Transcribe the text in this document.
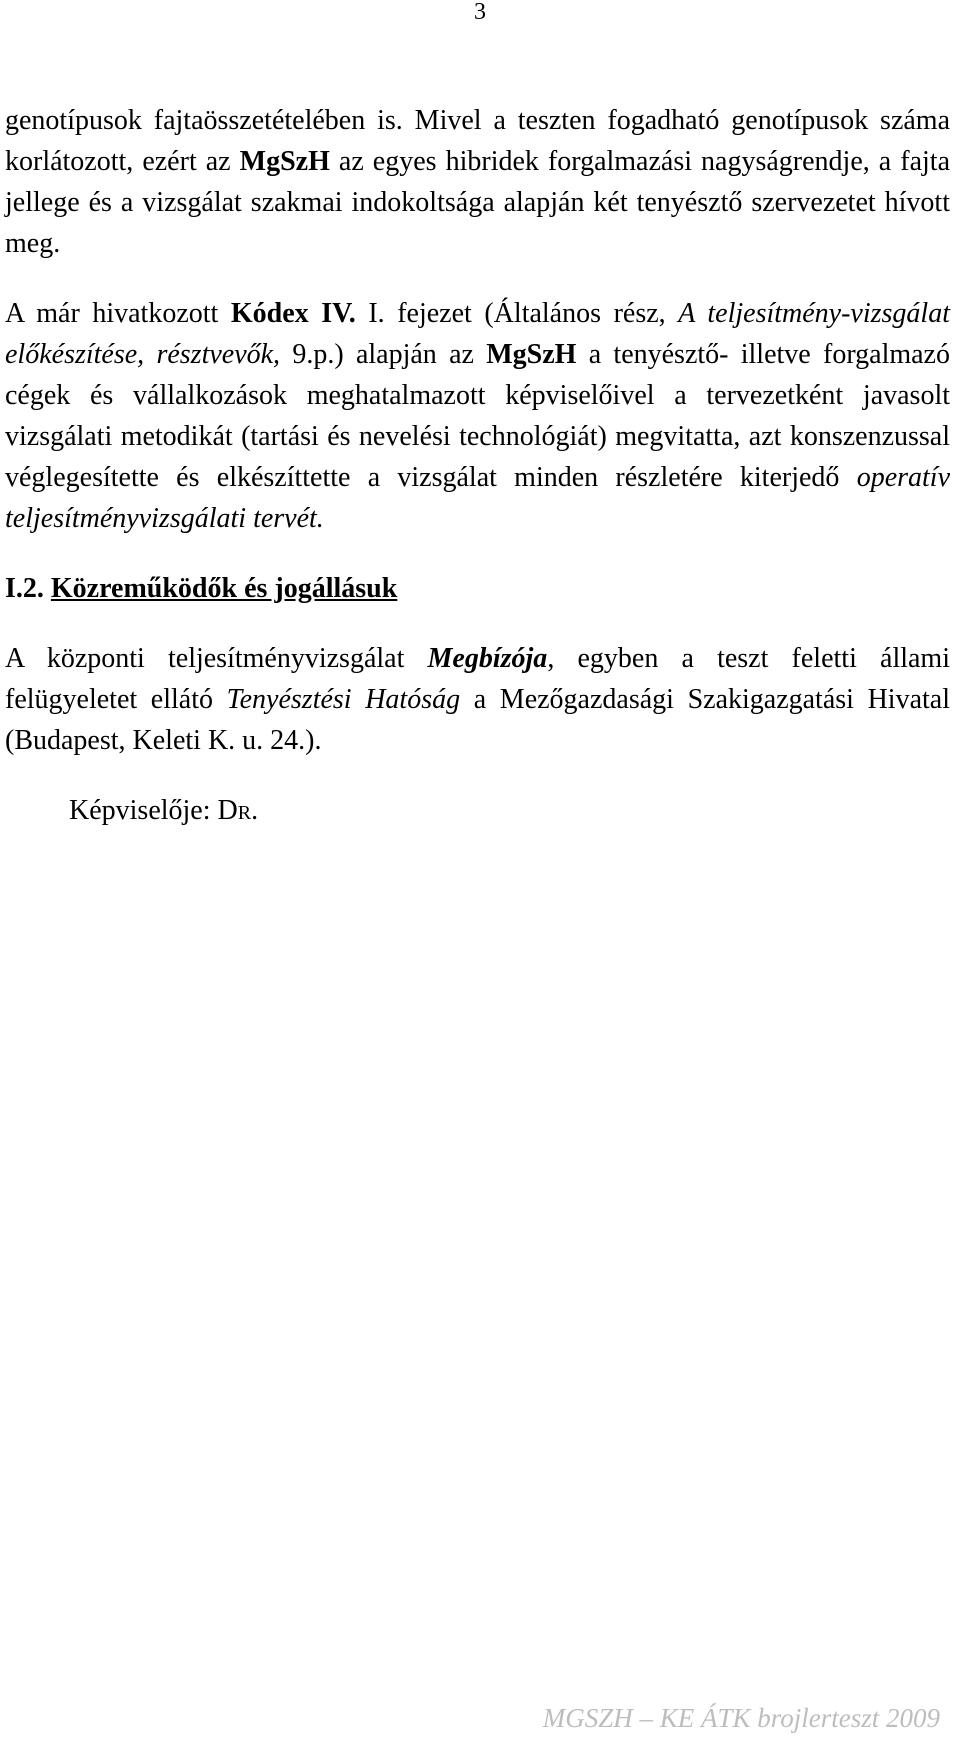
3

genotípusok fajtaösszetételében is. Mivel a teszten fogadható genotípusok száma korlátozott, ezért az MgSzH az egyes hibridek forgalmazási nagyságrendje, a fajta jellege és a vizsgálat szakmai indokoltsága alapján két tenyésztő szervezetet hívott meg.

A már hivatkozott Kódex IV. I. fejezet (Általános rész, A teljesítmény-vizsgálat előkészítése, résztvevők, 9.p.) alapján az MgSzH a tenyésztő- illetve forgalmazó cégek és vállalkozások meghatalmazott képviselőivel a tervezetként javasolt vizsgálati metodikát (tartási és nevelési technológiát) megvitatta, azt konszenzussal véglegesítette és elkészíttette a vizsgálat minden részletére kiterjedő operatív teljesítményvizsgálati tervét.

I.2. Közreműködők és jogállásuk

A központi teljesítményvizsgálat Megbízója, egyben a teszt feletti állami felügyeletet ellátó Tenyésztési Hatóság a Mezőgazdasági Szakigazgatási Hivatal (Budapest, Keleti K. u. 24.).

Képviselője: Dr.

MGSZH – KE ÁTK brojlerteszt 2009
